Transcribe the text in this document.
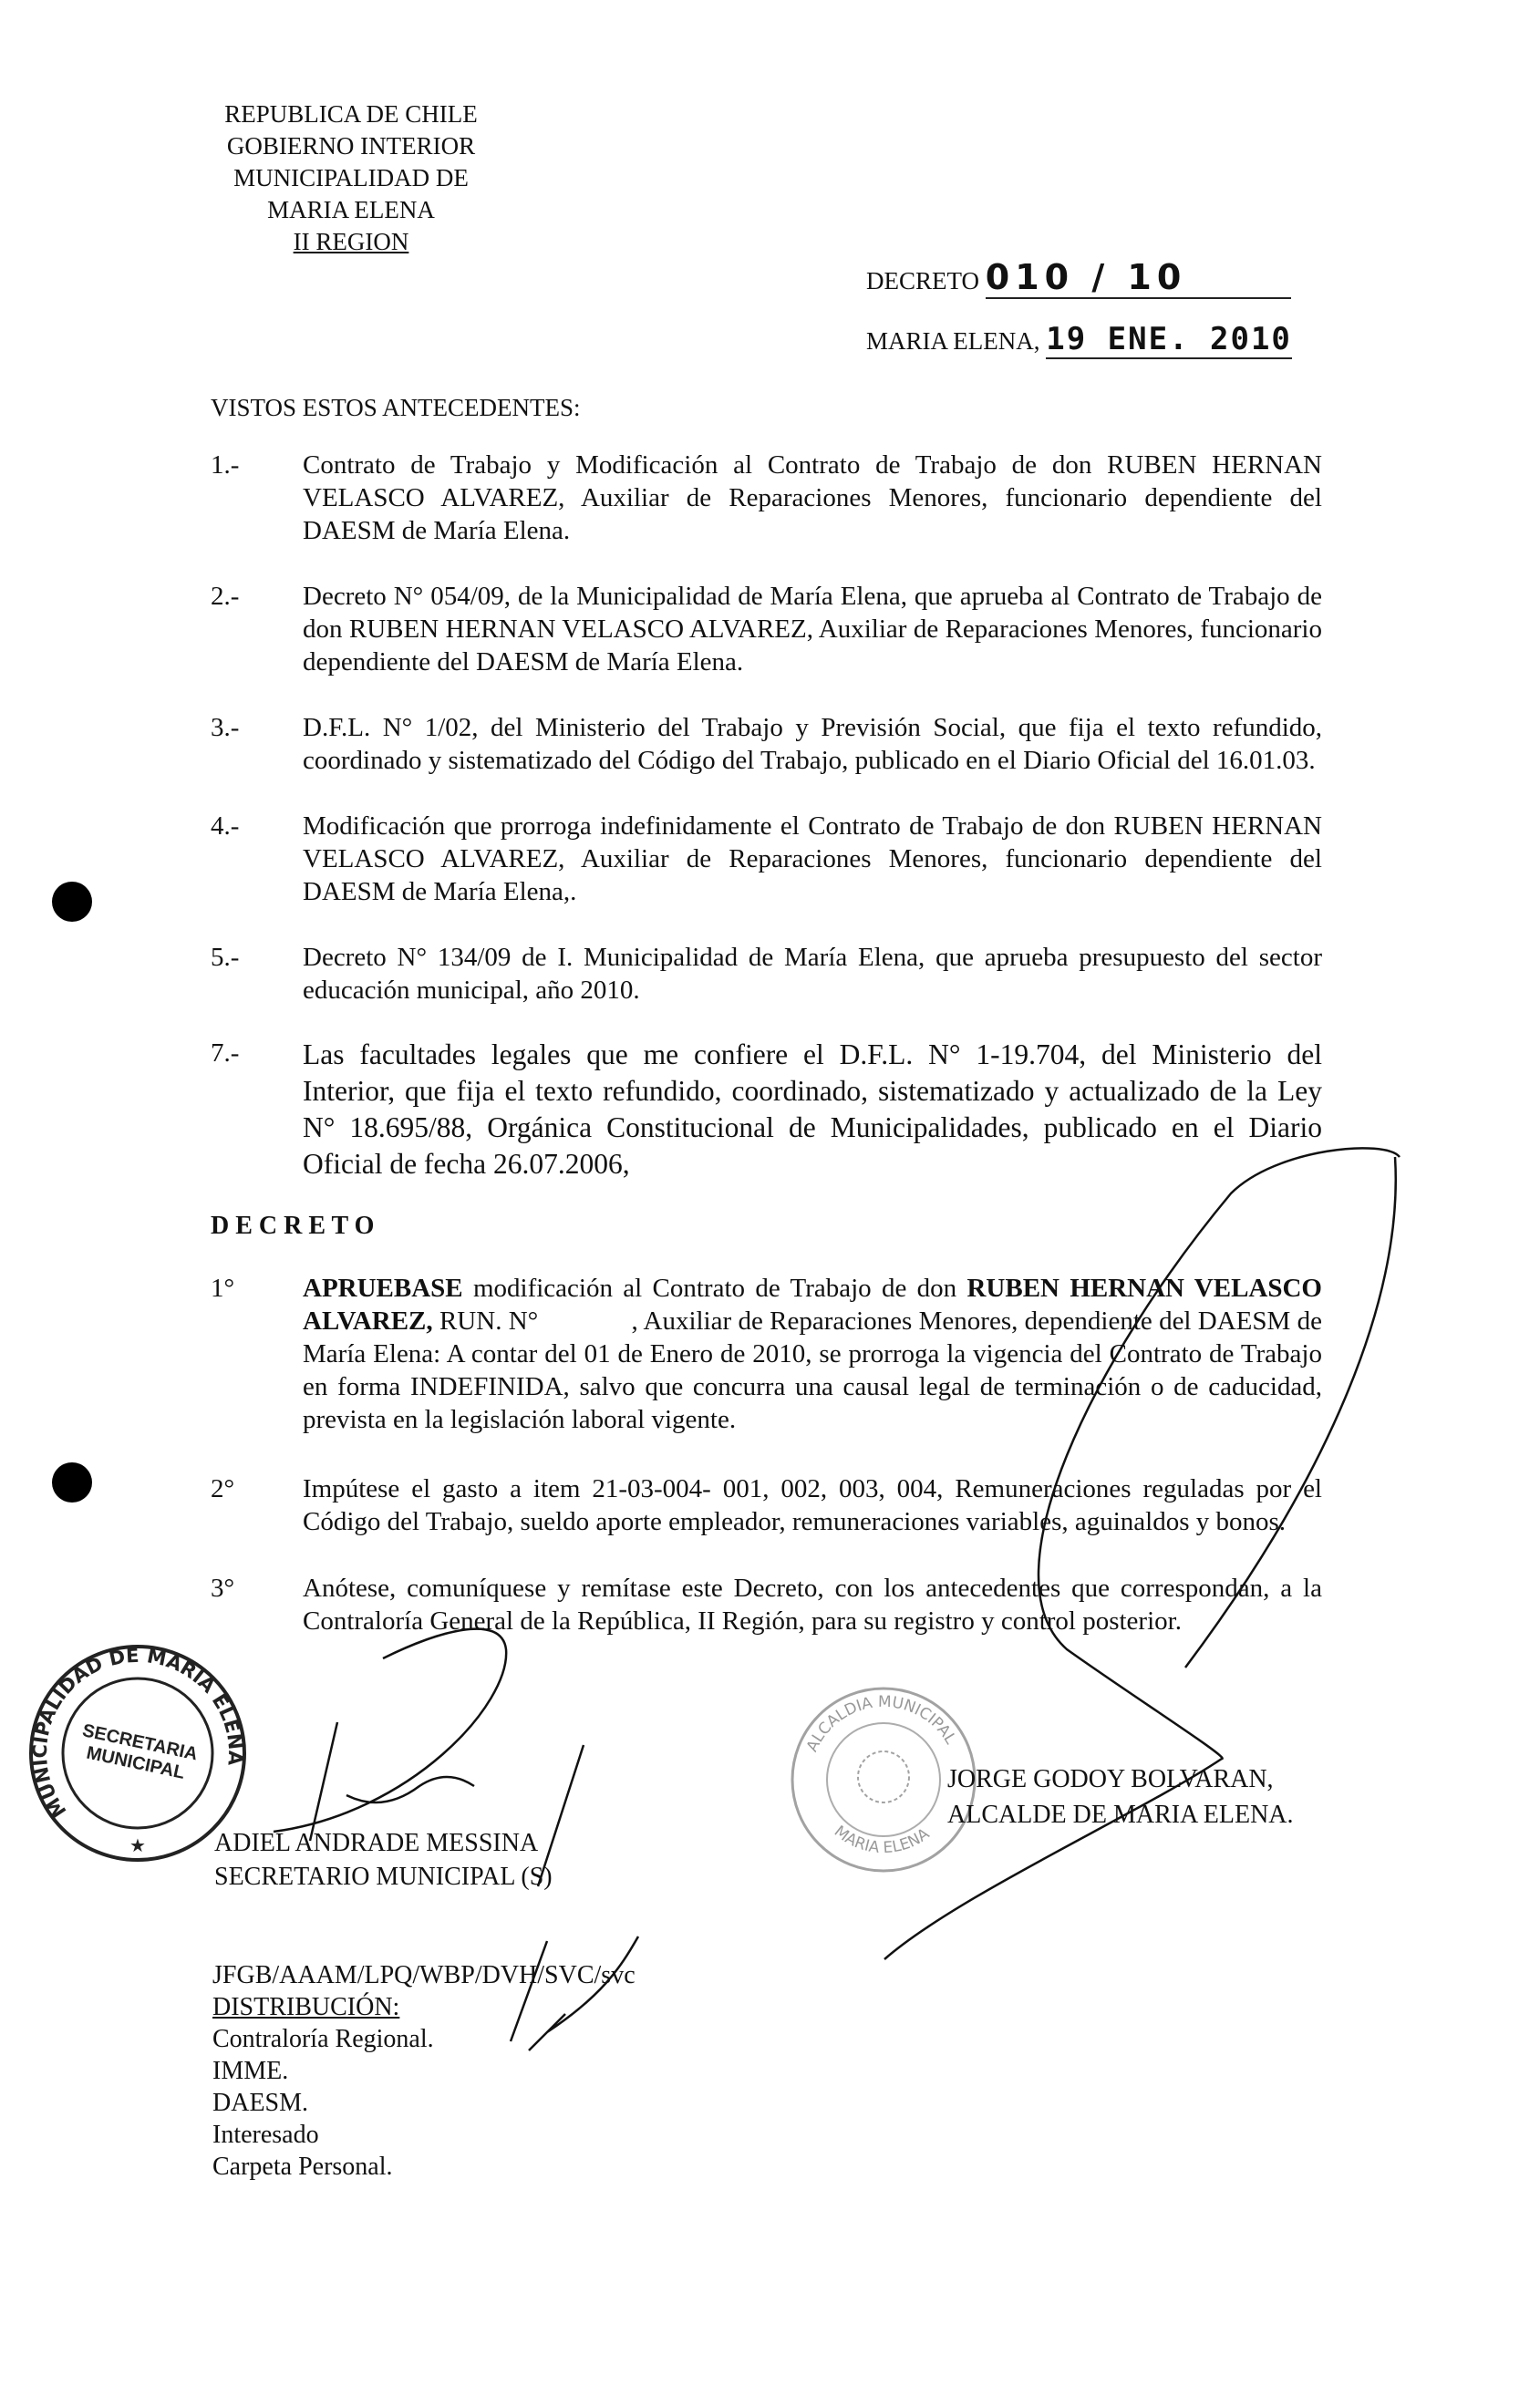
REPUBLICA DE CHILE
GOBIERNO INTERIOR
MUNICIPALIDAD DE
MARIA ELENA
II REGION
DECRETO 010 / 10
MARIA ELENA, 19 ENE. 2010
VISTOS ESTOS ANTECEDENTES:
1.-	Contrato de Trabajo y Modificación al Contrato de Trabajo de don RUBEN HERNAN VELASCO ALVAREZ, Auxiliar de Reparaciones Menores, funcionario dependiente del DAESM de María Elena.
2.-	Decreto N° 054/09, de la Municipalidad de María Elena, que aprueba al Contrato de Trabajo de don RUBEN HERNAN VELASCO ALVAREZ, Auxiliar de Reparaciones Menores, funcionario dependiente del DAESM de María Elena.
3.-	D.F.L. N° 1/02, del Ministerio del Trabajo y Previsión Social, que fija el texto refundido, coordinado y sistematizado del Código del Trabajo, publicado en el Diario Oficial del 16.01.03.
4.-	Modificación que prorroga indefinidamente el Contrato de Trabajo de don RUBEN HERNAN VELASCO ALVAREZ, Auxiliar de Reparaciones Menores, funcionario dependiente del DAESM de María Elena,.
5.-	Decreto N° 134/09 de I. Municipalidad de María Elena, que aprueba presupuesto del sector educación municipal, año 2010.
7.-	Las facultades legales que me confiere el D.F.L. N° 1-19.704, del Ministerio del Interior, que fija el texto refundido, coordinado, sistematizado y actualizado de la Ley N° 18.695/88, Orgánica Constitucional de Municipalidades, publicado en el Diario Oficial de fecha 26.07.2006,
D E C R E T O
1°	APRUEBASE modificación al Contrato de Trabajo de don RUBEN HERNAN VELASCO ALVAREZ, RUN. N°              , Auxiliar de Reparaciones Menores, dependiente del DAESM de María Elena: A contar del 01 de Enero de 2010, se prorroga la vigencia del Contrato de Trabajo en forma INDEFINIDA, salvo que concurra una causal legal de terminación o de caducidad, prevista en la legislación laboral vigente.
2°	Impútese el gasto a item 21-03-004- 001, 002, 003, 004, Remuneraciones reguladas por el Código del Trabajo, sueldo aporte empleador, remuneraciones variables, aguinaldos y bonos.
3°	Anótese, comuníquese y remítase este Decreto, con los antecedentes que correspondan, a la Contraloría General de la República, II Región, para su registro y control posterior.
MUNICIPALIDAD DE MARIA ELENA
★
ALCALDIA MUNICIPAL
MARIA ELENA
SECRETARIA MUNICIPAL
ADIEL ANDRADE MESSINA
SECRETARIO MUNICIPAL (S)
JORGE GODOY BOLVARAN,
ALCALDE DE MARIA ELENA.
JFGB/AAAM/LPQ/WBP/DVH/SVC/svc
DISTRIBUCIÓN:
Contraloría Regional.
IMME.
DAESM.
Interesado
Carpeta Personal.
